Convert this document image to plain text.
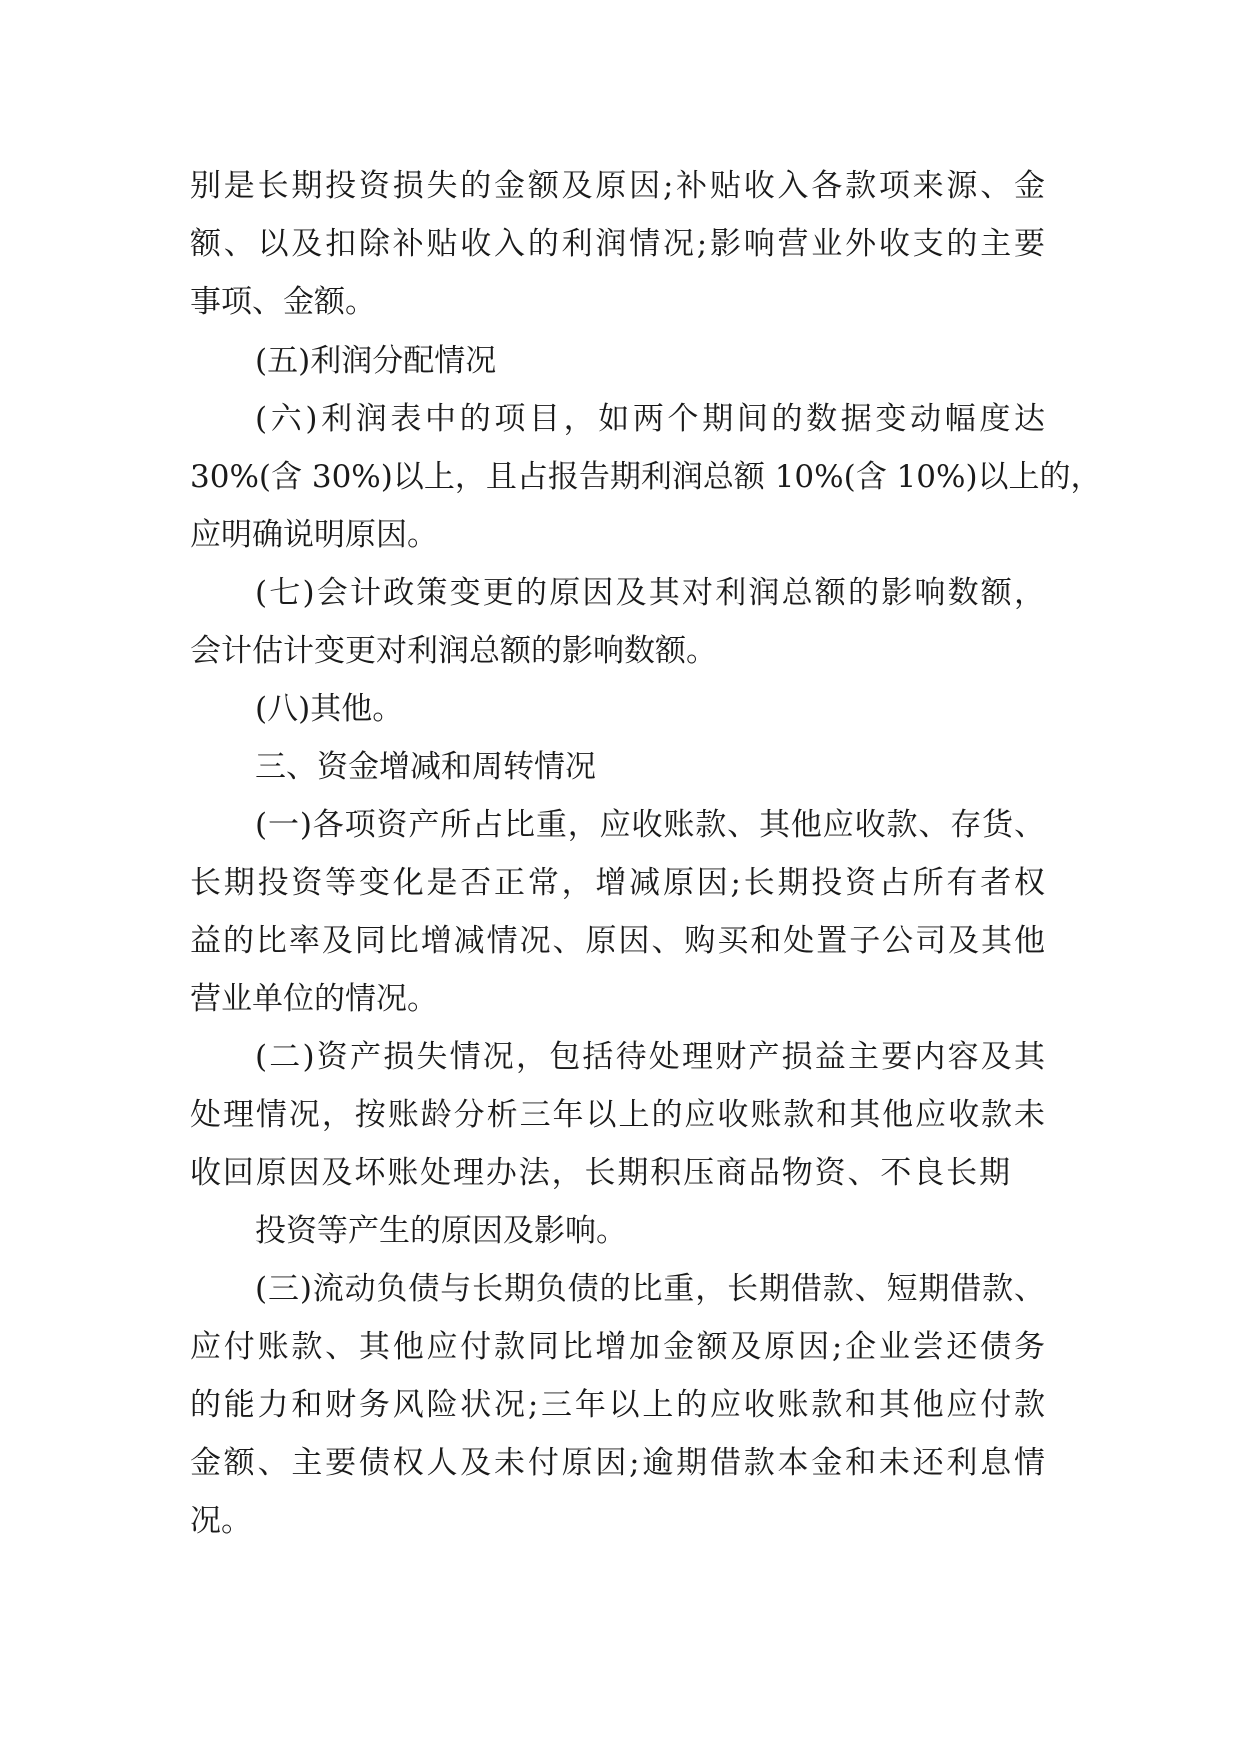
别是长期投资损失的金额及原因;补贴收入各款项来源、金
额、以及扣除补贴收入的利润情况;影响营业外收支的主要
事项、金额。
(五)利润分配情况
(六)利润表中的项目，如两个期间的数据变动幅度达
30%(含 30%)以上，且占报告期利润总额 10%(含 10%)以上的，
应明确说明原因。
(七)会计政策变更的原因及其对利润总额的影响数额，
会计估计变更对利润总额的影响数额。
(八)其他。
三、资金增减和周转情况
(一)各项资产所占比重，应收账款、其他应收款、存货、
长期投资等变化是否正常，增减原因;长期投资占所有者权
益的比率及同比增减情况、原因、购买和处置子公司及其他
营业单位的情况。
(二)资产损失情况，包括待处理财产损益主要内容及其
处理情况，按账龄分析三年以上的应收账款和其他应收款未
收回原因及坏账处理办法，长期积压商品物资、不良长期
投资等产生的原因及影响。
(三)流动负债与长期负债的比重，长期借款、短期借款、
应付账款、其他应付款同比增加金额及原因;企业尝还债务
的能力和财务风险状况;三年以上的应收账款和其他应付款
金额、主要债权人及未付原因;逾期借款本金和未还利息情
况。
